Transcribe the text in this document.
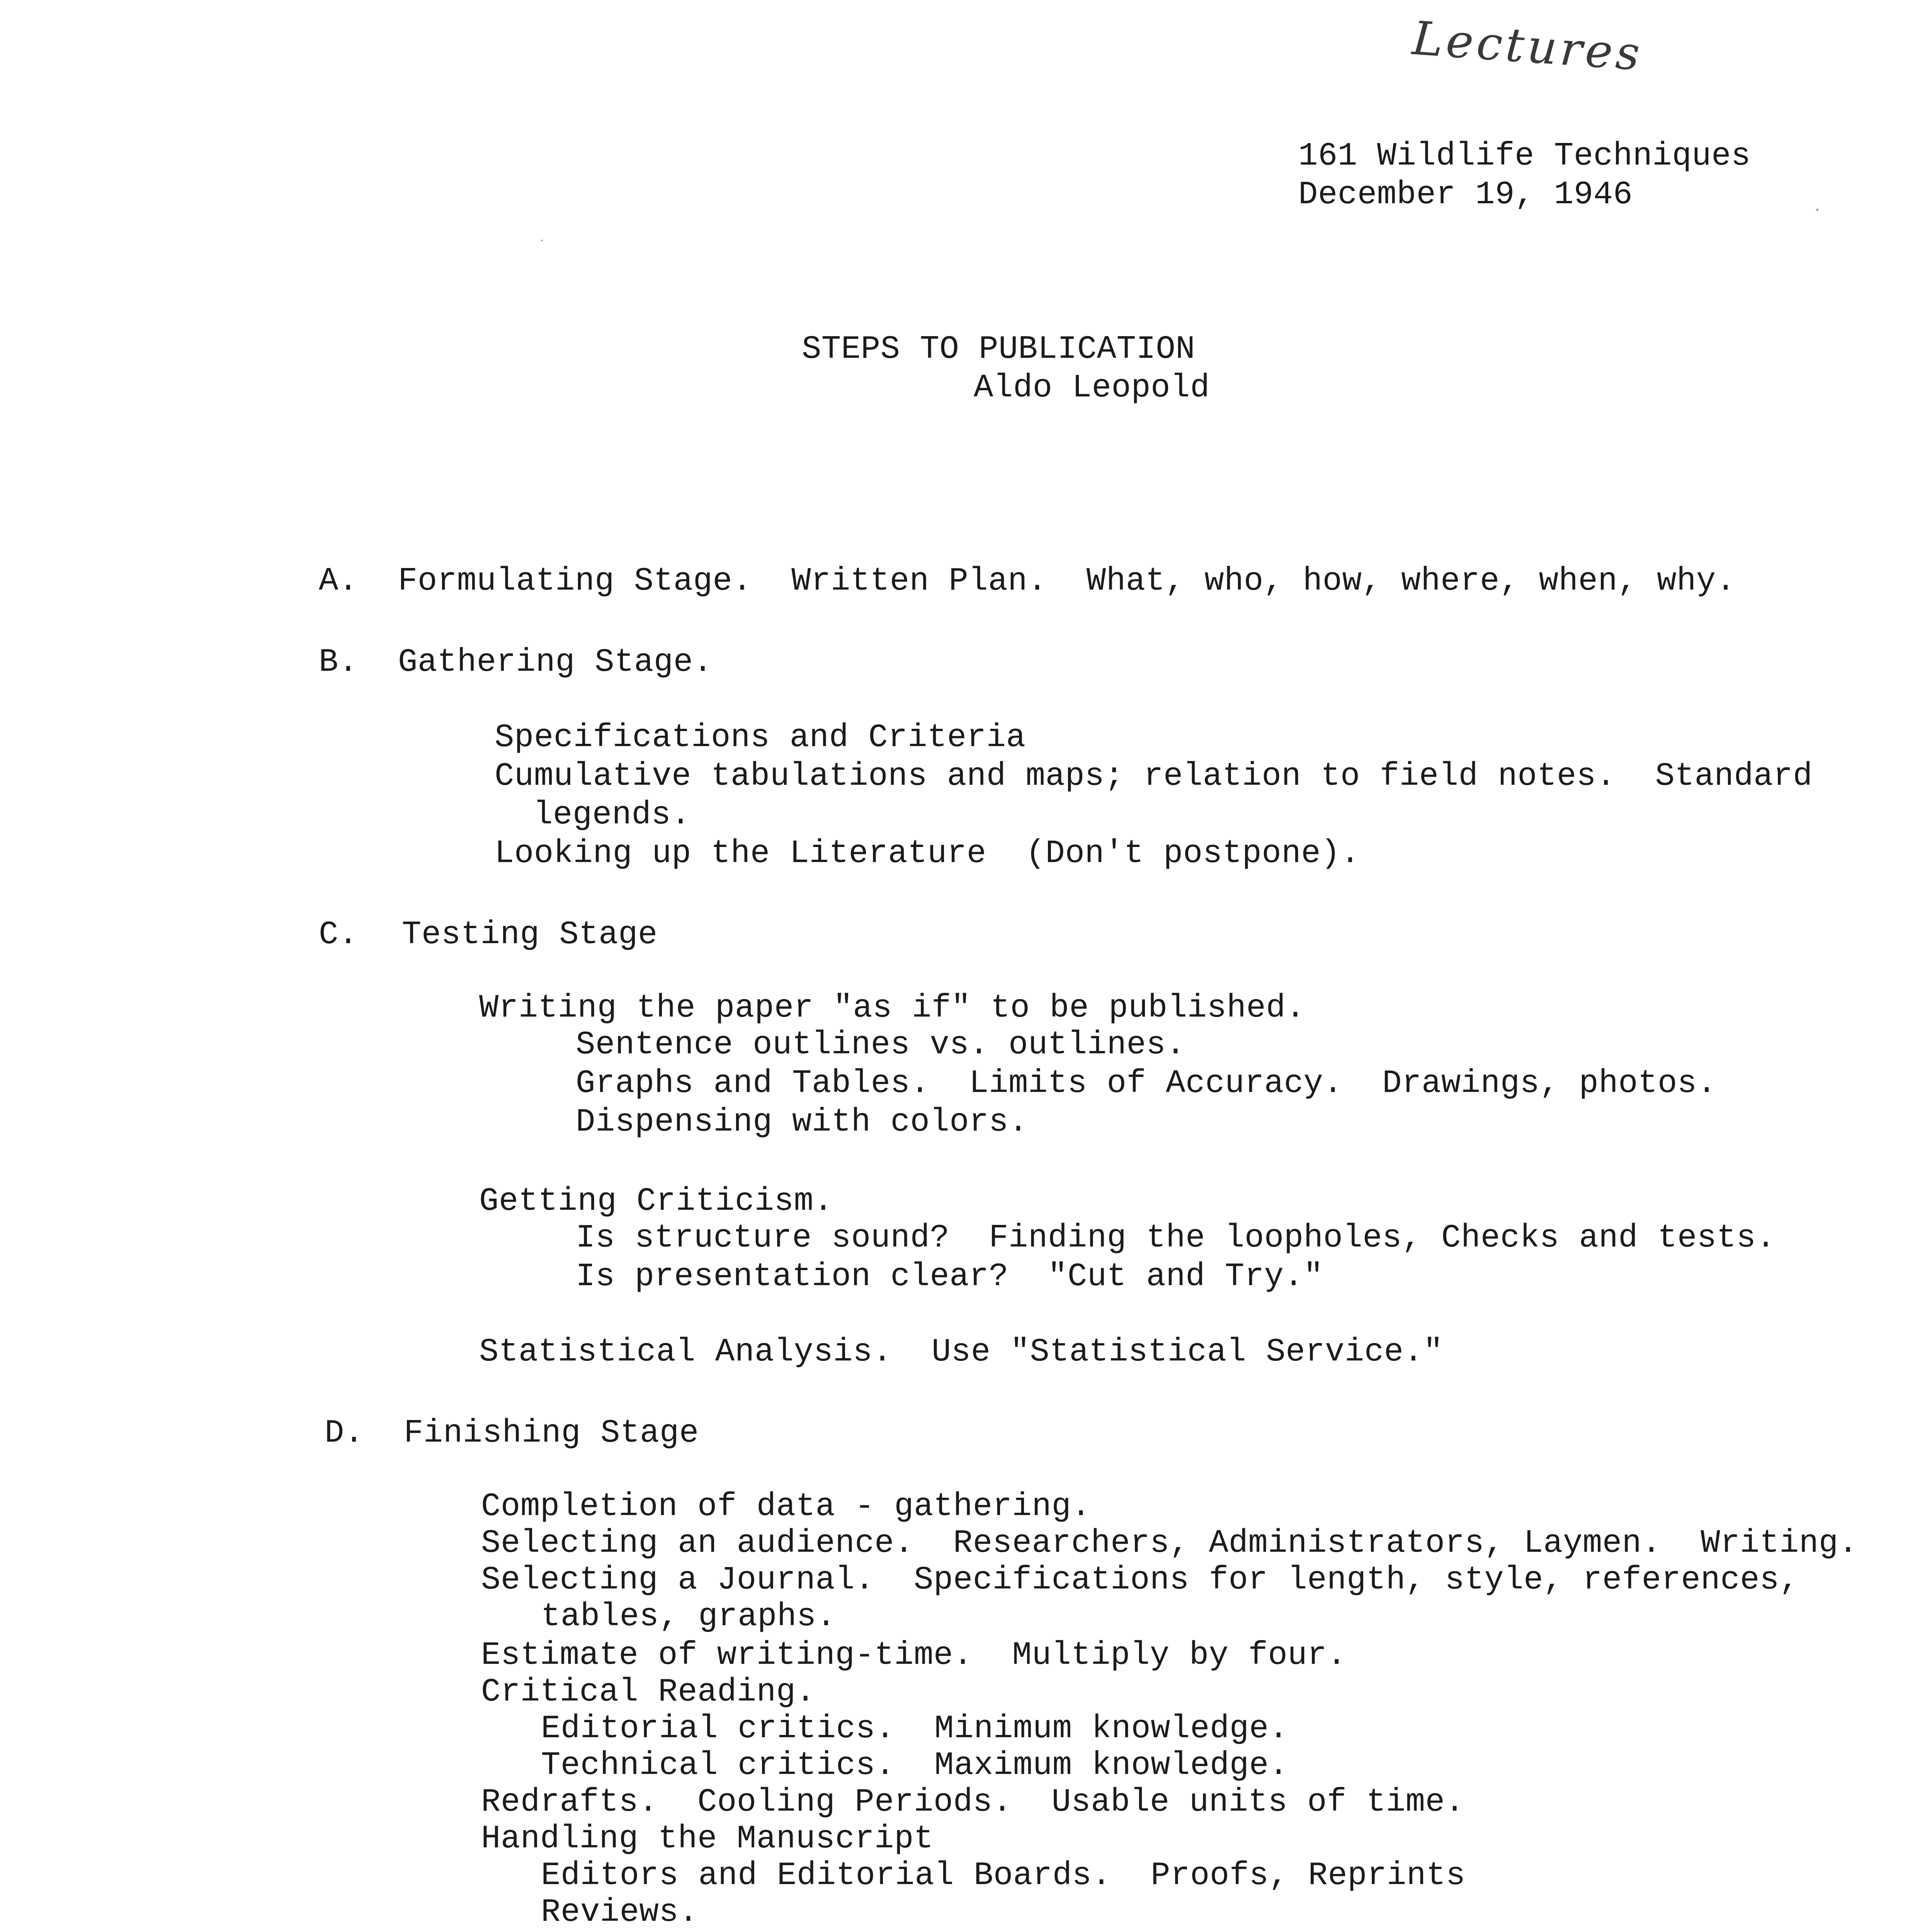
Lectures
161 Wildlife Techniques
December 19, 1946
STEPS TO PUBLICATION
Aldo Leopold
A. Formulating Stage.  Written Plan.  What, who, how, where, when, why.
B. Gathering Stage.
Specifications and Criteria
Cumulative tabulations and maps; relation to field notes.  Standard
legends.
Looking up the Literature  (Don't postpone).
C. Testing Stage
Writing the paper "as if" to be published.
Sentence outlines vs. outlines.
Graphs and Tables.  Limits of Accuracy.  Drawings, photos.
Dispensing with colors.
Getting Criticism.
Is structure sound?  Finding the loopholes, Checks and tests.
Is presentation clear?  "Cut and Try."
Statistical Analysis.  Use "Statistical Service."
D. Finishing Stage
Completion of data - gathering.
Selecting an audience.  Researchers, Administrators, Laymen.  Writing.
Selecting a Journal.  Specifications for length, style, references,
tables, graphs.
Estimate of writing-time.  Multiply by four.
Critical Reading.
Editorial critics.  Minimum knowledge.
Technical critics.  Maximum knowledge.
Redrafts.  Cooling Periods.  Usable units of time.
Handling the Manuscript
Editors and Editorial Boards.  Proofs, Reprints
Reviews.
